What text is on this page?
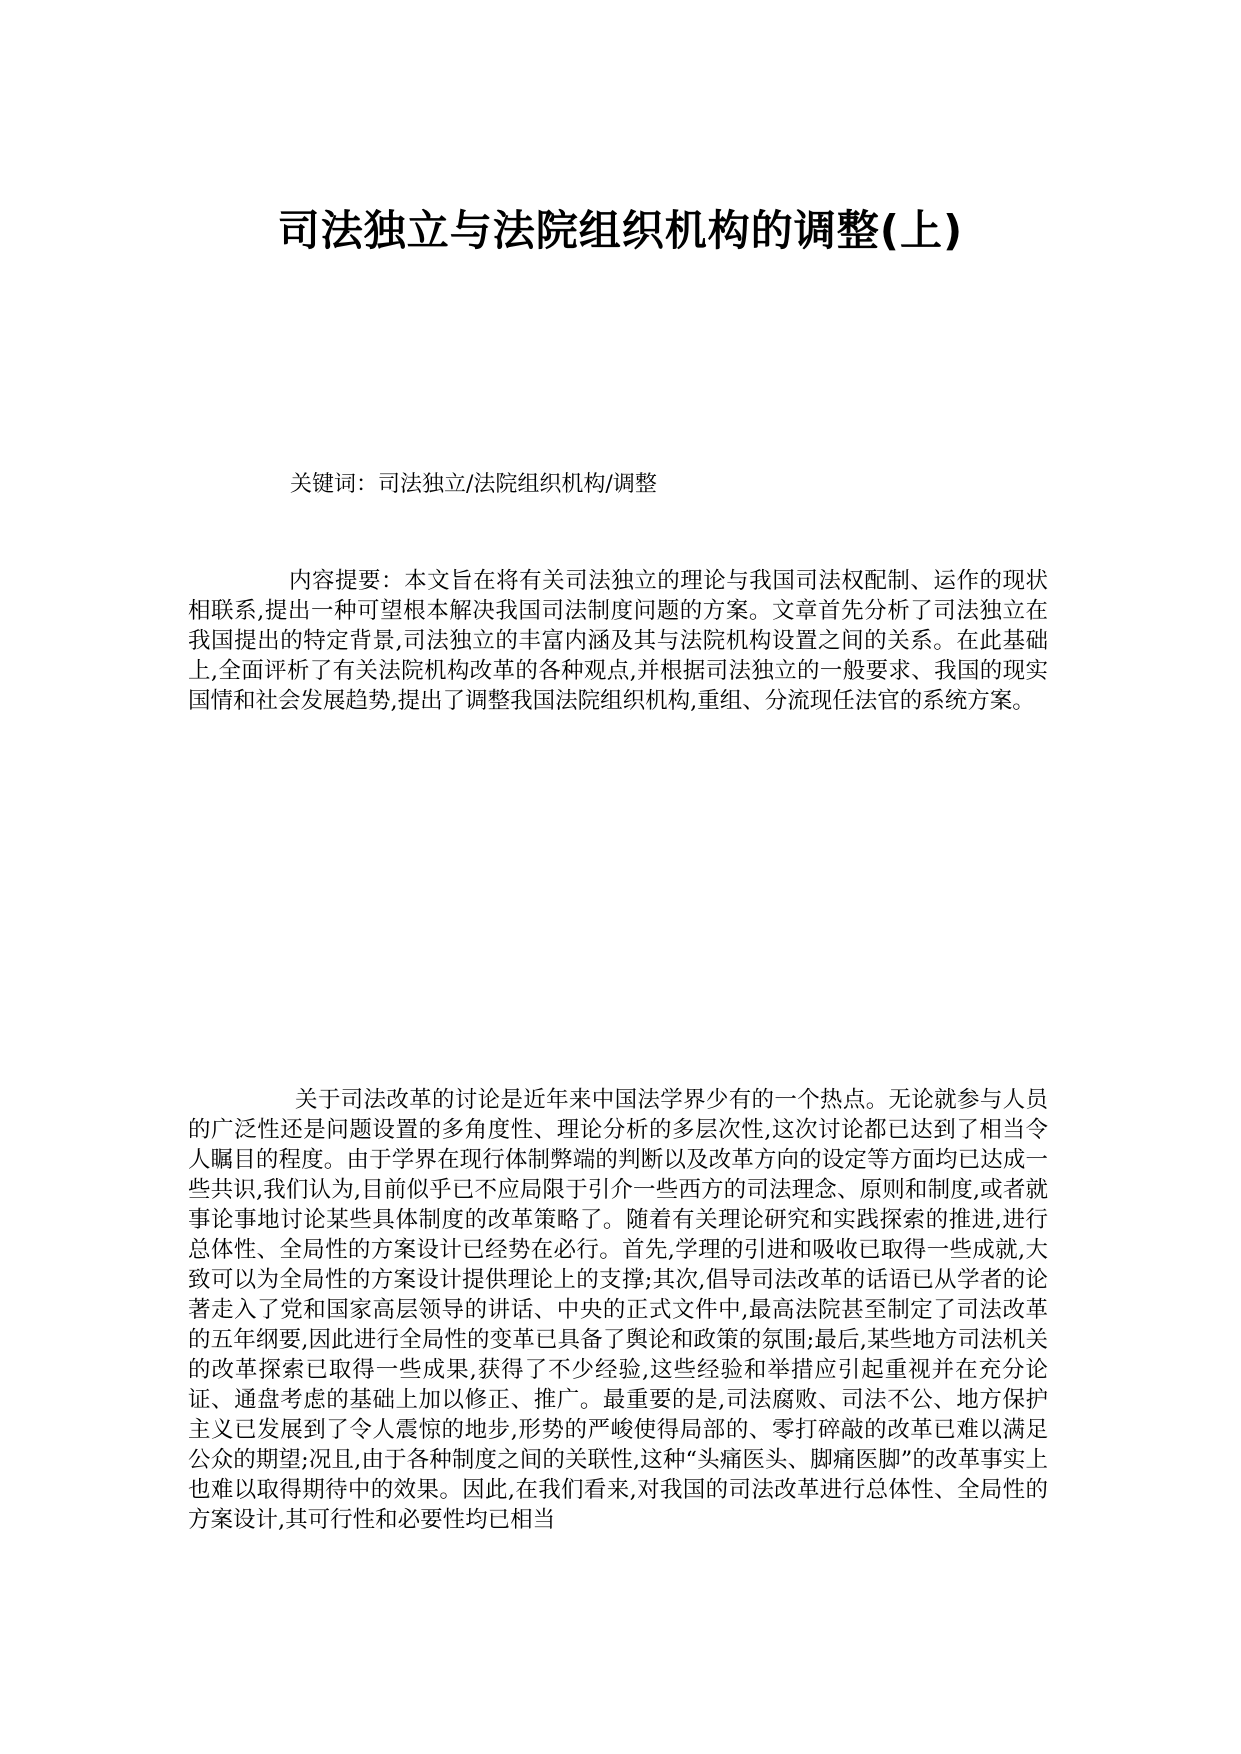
司法独立与法院组织机构的调整(上)
关键词：司法独立/法院组织机构/调整

内容提要：本文旨在将有关司法独立的理论与我国司法权配制、运作的现状相联系,提出一种可望根本解决我国司法制度问题的方案。文章首先分析了司法独立在我国提出的特定背景,司法独立的丰富内涵及其与法院机构设置之间的关系。在此基础上,全面评析了有关法院机构改革的各种观点,并根据司法独立的一般要求、我国的现实国情和社会发展趋势,提出了调整我国法院组织机构,重组、分流现任法官的系统方案。

关于司法改革的讨论是近年来中国法学界少有的一个热点。无论就参与人员的广泛性还是问题设置的多角度性、理论分析的多层次性,这次讨论都已达到了相当令人瞩目的程度。由于学界在现行体制弊端的判断以及改革方向的设定等方面均已达成一些共识,我们认为,目前似乎已不应局限于引介一些西方的司法理念、原则和制度,或者就事论事地讨论某些具体制度的改革策略了。随着有关理论研究和实践探索的推进,进行总体性、全局性的方案设计已经势在必行。首先,学理的引进和吸收已取得一些成就,大致可以为全局性的方案设计提供理论上的支撑;其次,倡导司法改革的话语已从学者的论著走入了党和国家高层领导的讲话、中央的正式文件中,最高法院甚至制定了司法改革的五年纲要,因此进行全局性的变革已具备了舆论和政策的氛围;最后,某些地方司法机关的改革探索已取得一些成果,获得了不少经验,这些经验和举措应引起重视并在充分论证、通盘考虑的基础上加以修正、推广。最重要的是,司法腐败、司法不公、地方保护主义已发展到了令人震惊的地步,形势的严峻使得局部的、零打碎敲的改革已难以满足公众的期望;况且,由于各种制度之间的关联性,这种“头痛医头、脚痛医脚”的改革事实上也难以取得期待中的效果。因此,在我们看来,对我国的司法改革进行总体性、全局性的方案设计,其可行性和必要性均已相当
